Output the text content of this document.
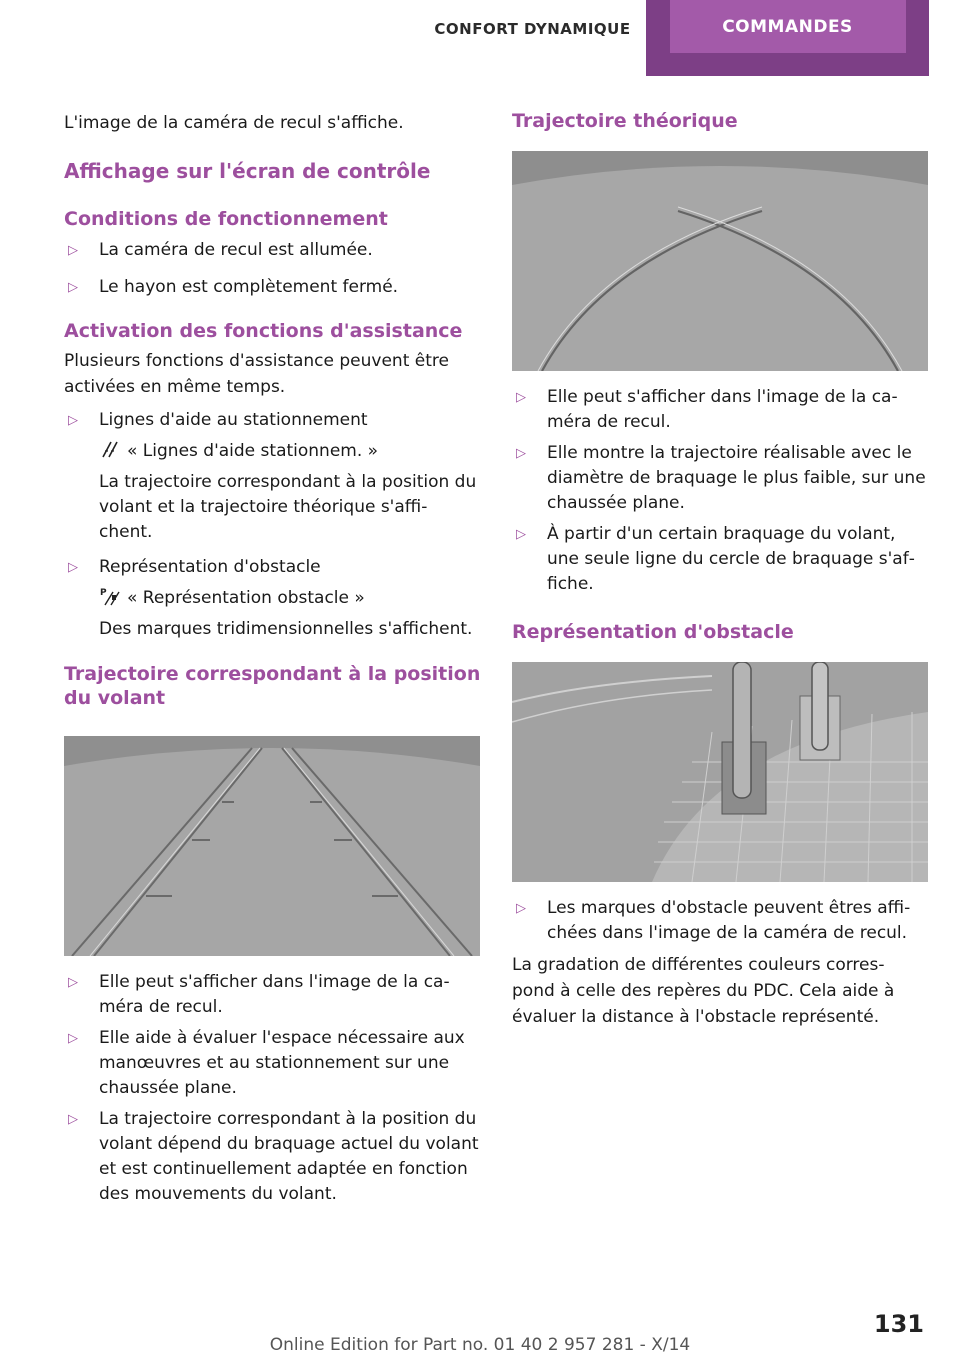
CONFORT DYNAMIQUE	COMMANDES

L'image de la caméra de recul s'affiche.

Affichage sur l'écran de contrôle
Conditions de fonctionnement
▷ La caméra de recul est allumée.
▷ Le hayon est complètement fermé.
Activation des fonctions d'assistance

Plusieurs fonctions d'assistance peuvent être activées en même temps.

▷ Lignes d'aide au stationnement
« Lignes d'aide stationnem. »
La trajectoire correspondant à la position du volant et la trajectoire théorique s'affi‐ chent.
▷ Représentation d'obstacle
P « Représentation obstacle »
Des marques tridimensionnelles s'affichent.
Trajectoire correspondant à la position du volant
▷ Elle peut s'afficher dans l'image de la ca‐ méra de recul.
▷ Elle aide à évaluer l'espace nécessaire aux manœuvres et au stationnement sur une chaussée plane.
▷ La trajectoire correspondant à la position du volant dépend du braquage actuel du volant et est continuellement adaptée en fonction des mouvements du volant.
Trajectoire théorique
▷ Elle peut s'afficher dans l'image de la ca‐ méra de recul.
▷ Elle montre la trajectoire réalisable avec le diamètre de braquage le plus faible, sur une chaussée plane.
▷ À partir d'un certain braquage du volant, une seule ligne du cercle de braquage s'af‐ fiche.
Représentation d'obstacle
▷ Les marques d'obstacle peuvent êtres affi‐ chées dans l'image de la caméra de recul.

La gradation de différentes couleurs corres‐ pond à celle des repères du PDC. Cela aide à évaluer la distance à l'obstacle représenté.

131
Online Edition for Part no. 01 40 2 957 281 - X/14
